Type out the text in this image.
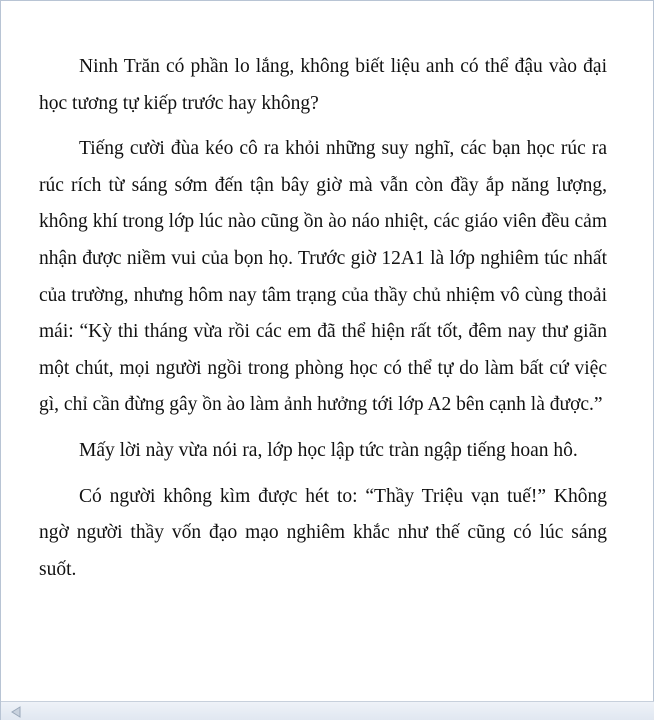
Ninh Trăn có phần lo lắng, không biết liệu anh có thể đậu vào đại học tương tự kiếp trước hay không?

Tiếng cười đùa kéo cô ra khỏi những suy nghĩ, các bạn học rúc ra rúc rích từ sáng sớm đến tận bây giờ mà vẫn còn đầy ắp năng lượng, không khí trong lớp lúc nào cũng ồn ào náo nhiệt, các giáo viên đều cảm nhận được niềm vui của bọn họ. Trước giờ 12A1 là lớp nghiêm túc nhất của trường, nhưng hôm nay tâm trạng của thầy chủ nhiệm vô cùng thoải mái: “Kỳ thi tháng vừa rồi các em đã thể hiện rất tốt, đêm nay thư giãn một chút, mọi người ngồi trong phòng học có thể tự do làm bất cứ việc gì, chỉ cần đừng gây ồn ào làm ảnh hưởng tới lớp A2 bên cạnh là được.”

Mấy lời này vừa nói ra, lớp học lập tức tràn ngập tiếng hoan hô.

Có người không kìm được hét to: “Thầy Triệu vạn tuế!” Không ngờ người thầy vốn đạo mạo nghiêm khắc như thế cũng có lúc sáng suốt.
